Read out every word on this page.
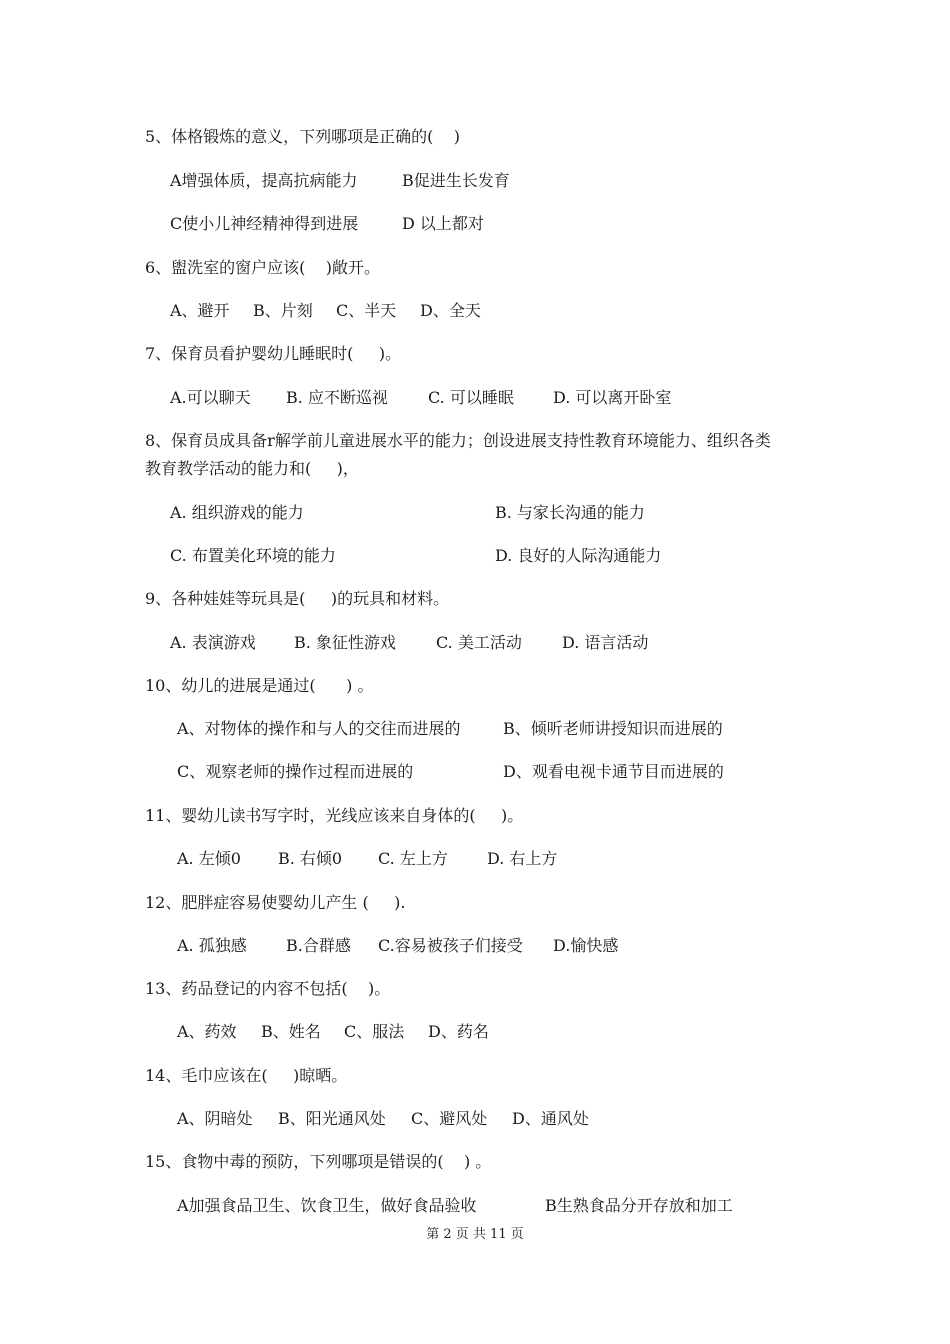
5、体格锻炼的意义，下列哪项是正确的(    )
A增强体质，提高抗病能力	B促进生长发育
C使小儿神经精神得到进展	D 以上都对
6、盥洗室的窗户应该(    )敞开。
A、避开 B、片刻 C、半天 D、全天
7、保育员看护婴幼儿睡眠时(     )。
A.可以聊天 B. 应不断巡视	C. 可以睡眠 D. 可以离开卧室
8、保育员成具备r解学前儿童进展水平的能力；创设进展支持性教育环境能力、组织各类
教育教学活动的能力和(     )，
A. 组织游戏的能力	B. 与家长沟通的能力
C. 布置美化环境的能力	D. 良好的人际沟通能力
9、各种娃娃等玩具是(     )的玩具和材料。
A. 表演游戏 B. 象征性游戏	C. 美工活动	D. 语言活动
10、幼儿的进展是通过(      ) 。
A、对物体的操作和与人的交往而进展的	B、倾听老师讲授知识而进展的
C、观察老师的操作过程而进展的	D、观看电视卡通节目而进展的
11、婴幼儿读书写字时，光线应该来自身体的(     )。
A. 左倾0 B. 右倾0 C. 左上方 D. 右上方
12、肥胖症容易使婴幼儿产生 (     ).
A. 孤独感 B.合群感 C.容易被孩子们接受 D.愉快感
13、药品登记的内容不包括(    )。
A、药效 B、姓名 C、服法 D、药名
14、毛巾应该在(     )晾晒。
A、阴暗处 B、阳光通风处 C、避风处 D、通风处
15、食物中毒的预防，下列哪项是错误的(    ) 。
A加强食品卫生、饮食卫生，做好食品验收	B生熟食品分开存放和加工
第 2 页 共 11 页
